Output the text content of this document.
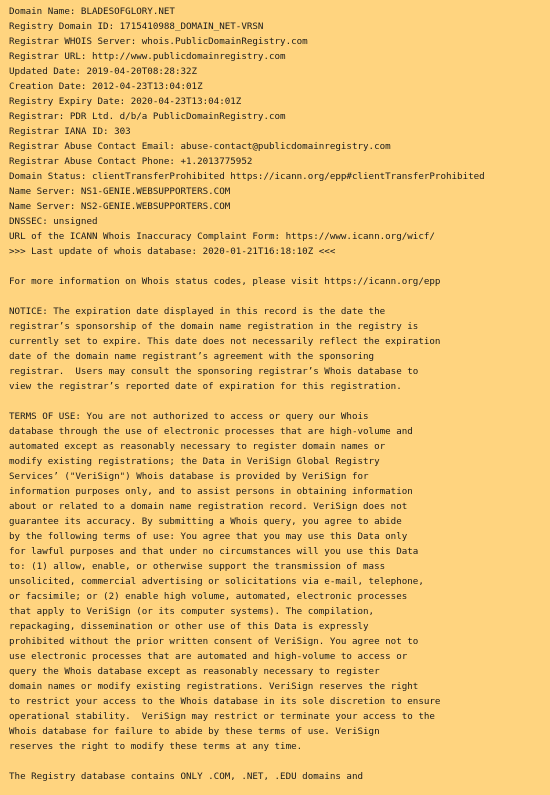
Domain Name: BLADESOFGLORY.NET
Registry Domain ID: 1715410988_DOMAIN_NET-VRSN
Registrar WHOIS Server: whois.PublicDomainRegistry.com
Registrar URL: http://www.publicdomainregistry.com
Updated Date: 2019-04-20T08:28:32Z
Creation Date: 2012-04-23T13:04:01Z
Registry Expiry Date: 2020-04-23T13:04:01Z
Registrar: PDR Ltd. d/b/a PublicDomainRegistry.com
Registrar IANA ID: 303
Registrar Abuse Contact Email: abuse-contact@publicdomainregistry.com
Registrar Abuse Contact Phone: +1.2013775952
Domain Status: clientTransferProhibited https://icann.org/epp#clientTransferProhibited
Name Server: NS1-GENIE.WEBSUPPORTERS.COM
Name Server: NS2-GENIE.WEBSUPPORTERS.COM
DNSSEC: unsigned
URL of the ICANN Whois Inaccuracy Complaint Form: https://www.icann.org/wicf/
>>> Last update of whois database: 2020-01-21T16:18:10Z <<<
For more information on Whois status codes, please visit https://icann.org/epp
NOTICE: The expiration date displayed in this record is the date the
registrar’s sponsorship of the domain name registration in the registry is
currently set to expire. This date does not necessarily reflect the expiration
date of the domain name registrant’s agreement with the sponsoring
registrar.  Users may consult the sponsoring registrar’s Whois database to
view the registrar’s reported date of expiration for this registration.
TERMS OF USE: You are not authorized to access or query our Whois
database through the use of electronic processes that are high-volume and
automated except as reasonably necessary to register domain names or
modify existing registrations; the Data in VeriSign Global Registry
Services’ ("VeriSign") Whois database is provided by VeriSign for
information purposes only, and to assist persons in obtaining information
about or related to a domain name registration record. VeriSign does not
guarantee its accuracy. By submitting a Whois query, you agree to abide
by the following terms of use: You agree that you may use this Data only
for lawful purposes and that under no circumstances will you use this Data
to: (1) allow, enable, or otherwise support the transmission of mass
unsolicited, commercial advertising or solicitations via e-mail, telephone,
or facsimile; or (2) enable high volume, automated, electronic processes
that apply to VeriSign (or its computer systems). The compilation,
repackaging, dissemination or other use of this Data is expressly
prohibited without the prior written consent of VeriSign. You agree not to
use electronic processes that are automated and high-volume to access or
query the Whois database except as reasonably necessary to register
domain names or modify existing registrations. VeriSign reserves the right
to restrict your access to the Whois database in its sole discretion to ensure
operational stability.  VeriSign may restrict or terminate your access to the
Whois database for failure to abide by these terms of use. VeriSign
reserves the right to modify these terms at any time.
The Registry database contains ONLY .COM, .NET, .EDU domains and
